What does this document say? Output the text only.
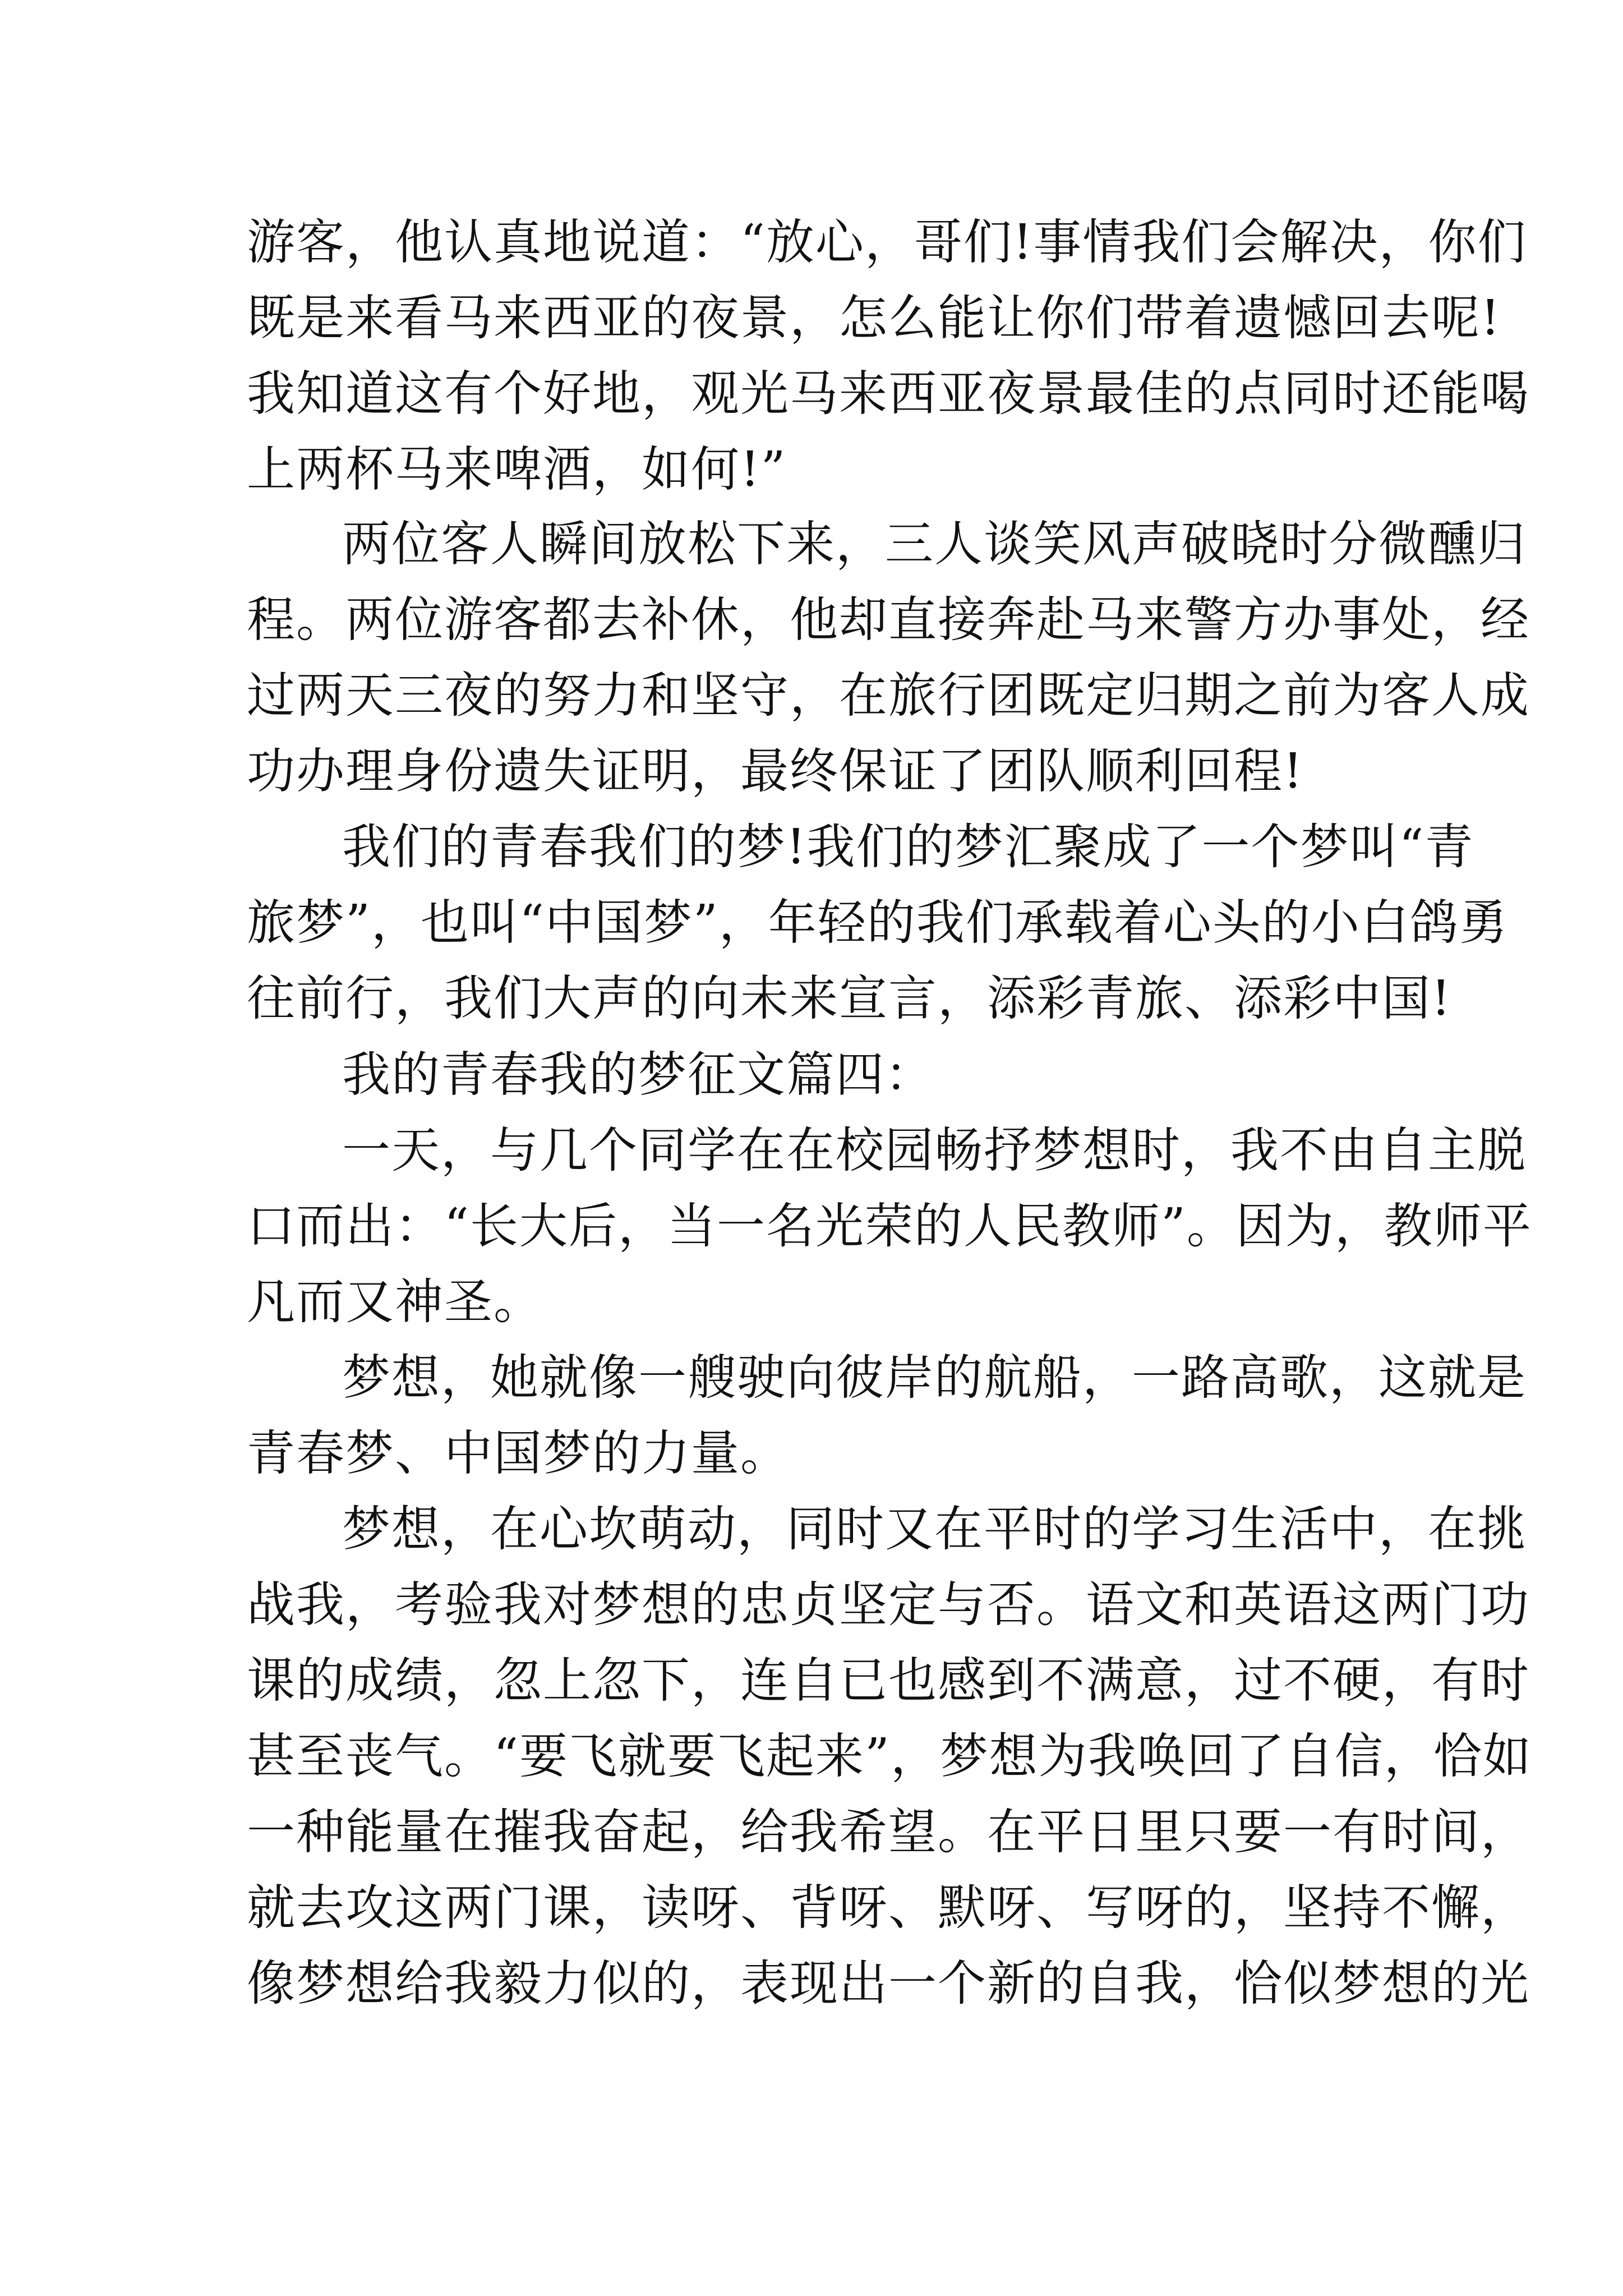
游客，他认真地说道：“放心，哥们!事情我们会解决，你们
既是来看马来西亚的夜景，怎么能让你们带着遗憾回去呢!
我知道这有个好地，观光马来西亚夜景最佳的点同时还能喝
上两杯马来啤酒，如何!”
两位客人瞬间放松下来，三人谈笑风声破晓时分微醺归
程。两位游客都去补休，他却直接奔赴马来警方办事处，经
过两天三夜的努力和坚守，在旅行团既定归期之前为客人成
功办理身份遗失证明，最终保证了团队顺利回程!
我们的青春我们的梦!我们的梦汇聚成了一个梦叫“青
旅梦”，也叫“中国梦”，年轻的我们承载着心头的小白鸽勇
往前行，我们大声的向未来宣言，添彩青旅、添彩中国!
我的青春我的梦征文篇四：
一天，与几个同学在在校园畅抒梦想时，我不由自主脱
口而出：“长大后，当一名光荣的人民教师”。因为，教师平
凡而又神圣。
梦想，她就像一艘驶向彼岸的航船，一路高歌，这就是
青春梦、中国梦的力量。
梦想，在心坎萌动，同时又在平时的学习生活中，在挑
战我，考验我对梦想的忠贞坚定与否。语文和英语这两门功
课的成绩，忽上忽下，连自已也感到不满意，过不硬，有时
甚至丧气。“要飞就要飞起来”，梦想为我唤回了自信，恰如
一种能量在摧我奋起，给我希望。在平日里只要一有时间，
就去攻这两门课，读呀、背呀、默呀、写呀的，坚持不懈，
像梦想给我毅力似的，表现出一个新的自我，恰似梦想的光
